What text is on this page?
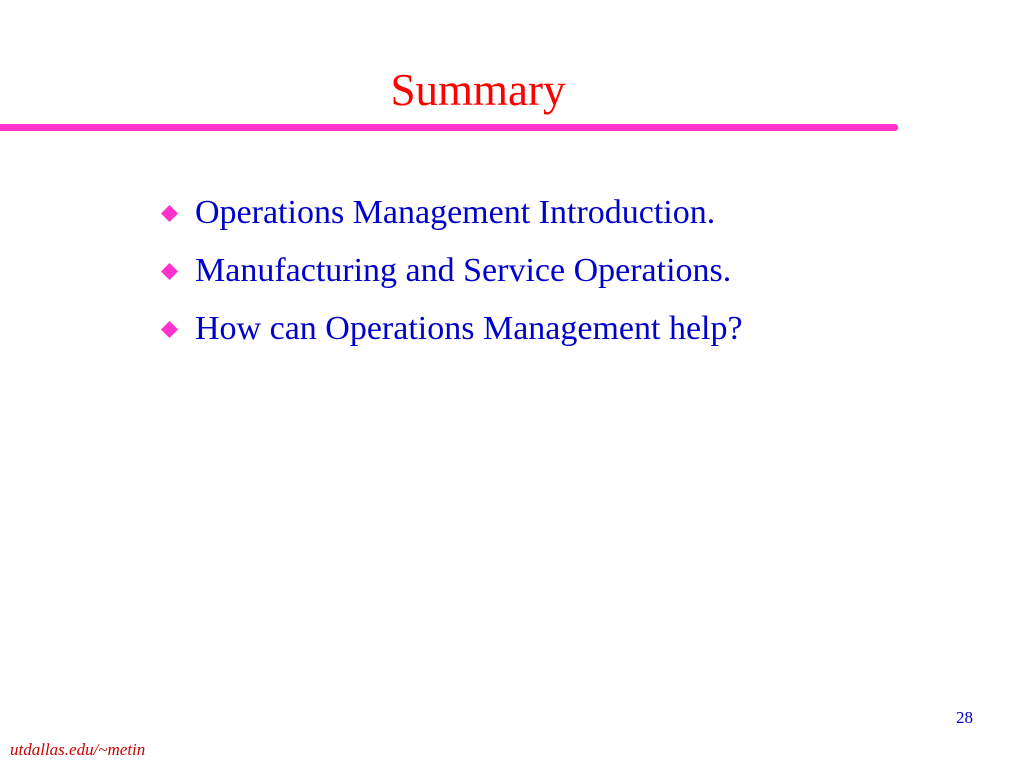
Summary
Operations Management Introduction.
Manufacturing and Service Operations.
How can Operations Management help?
28
utdallas.edu/~metin
